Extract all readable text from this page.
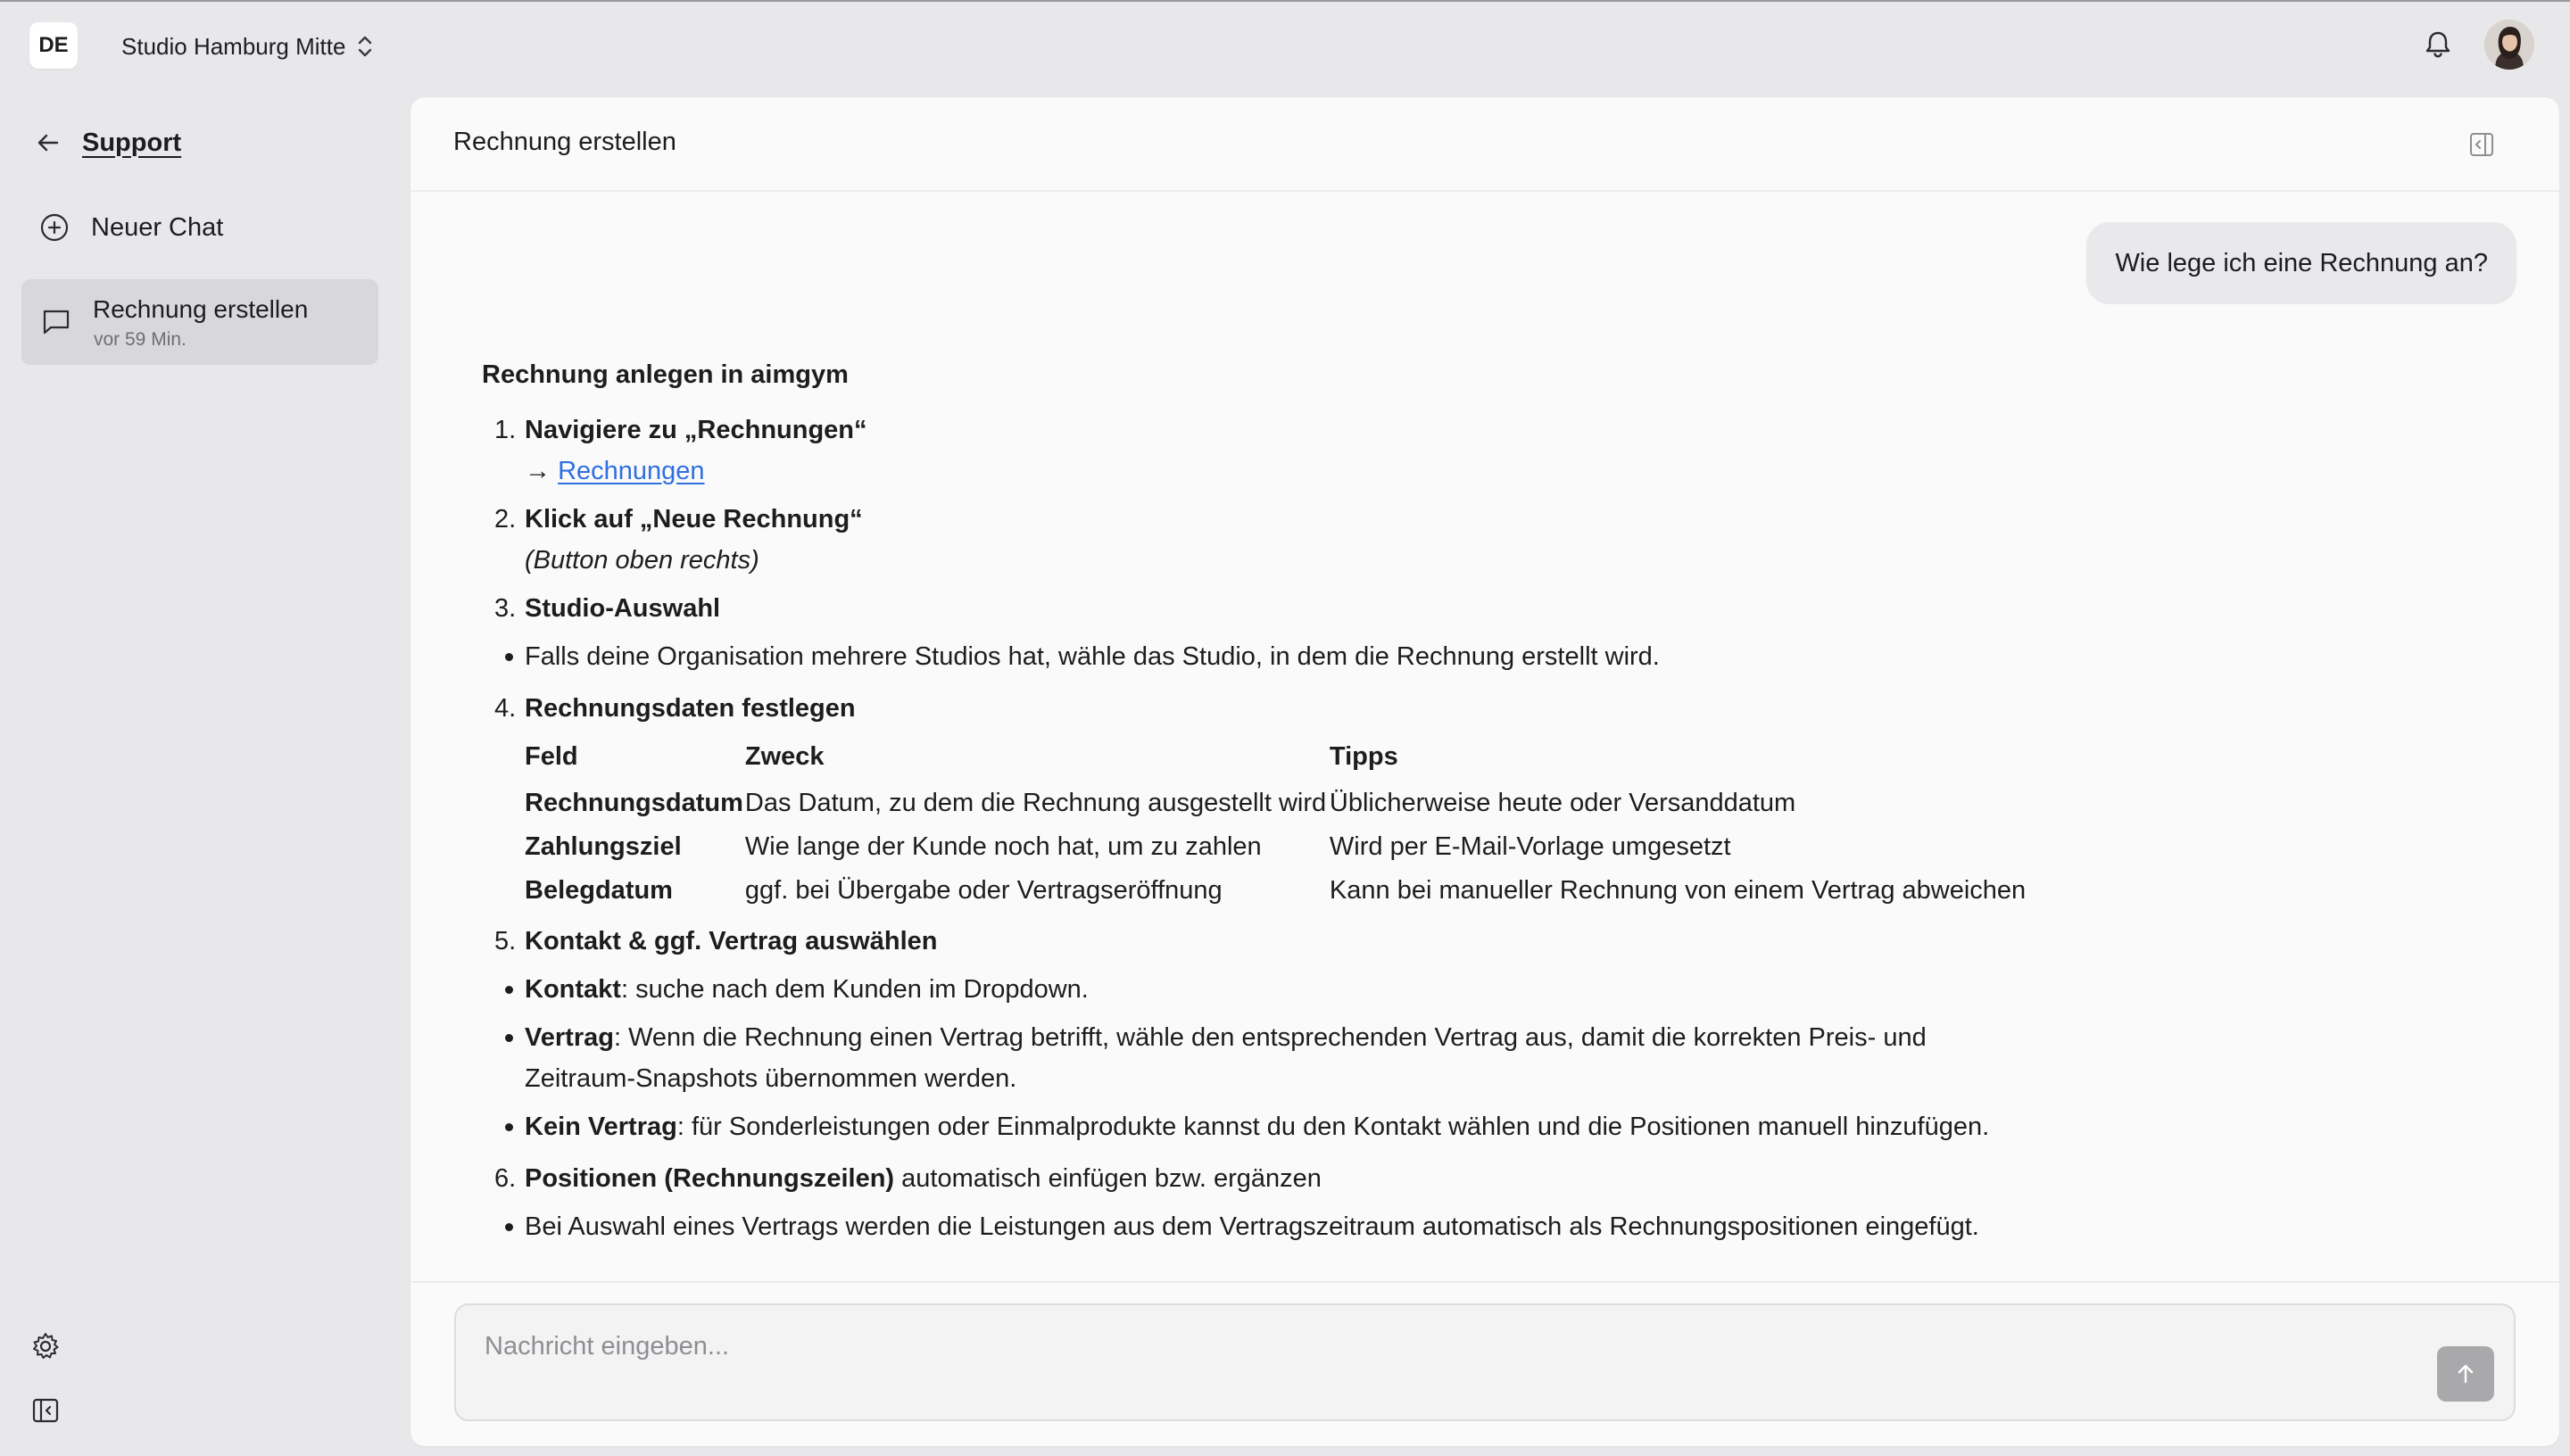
DE	Studio Hamburg Mitte
Support
Neuer Chat
Rechnung erstellen
vor 59 Min.
Rechnung erstellen
Wie lege ich eine Rechnung an?
Rechnung anlegen in aimgym
1. Navigiere zu „Rechnungen“
→ Rechnungen
2. Klick auf „Neue Rechnung“
(Button oben rechts)
3. Studio-Auswahl
Falls deine Organisation mehrere Studios hat, wähle das Studio, in dem die Rechnung erstellt wird.
4. Rechnungsdaten festlegen
Feld	Zweck	Tipps
Rechnungsdatum	Das Datum, zu dem die Rechnung ausgestellt wird	Üblicherweise heute oder Versanddatum
Zahlungsziel	Wie lange der Kunde noch hat, um zu zahlen	Wird per E-Mail-Vorlage umgesetzt
Belegdatum	ggf. bei Übergabe oder Vertragseröffnung	Kann bei manueller Rechnung von einem Vertrag abweichen
5. Kontakt & ggf. Vertrag auswählen
Kontakt: suche nach dem Kunden im Dropdown.
Vertrag: Wenn die Rechnung einen Vertrag betrifft, wähle den entsprechenden Vertrag aus, damit die korrekten Preis- und Zeitraum-Snapshots übernommen werden.
Kein Vertrag: für Sonderleistungen oder Einmalprodukte kannst du den Kontakt wählen und die Positionen manuell hinzufügen.
6. Positionen (Rechnungszeilen) automatisch einfügen bzw. ergänzen
Bei Auswahl eines Vertrags werden die Leistungen aus dem Vertragszeitraum automatisch als Rechnungspositionen eingefügt.
Nachricht eingeben...
